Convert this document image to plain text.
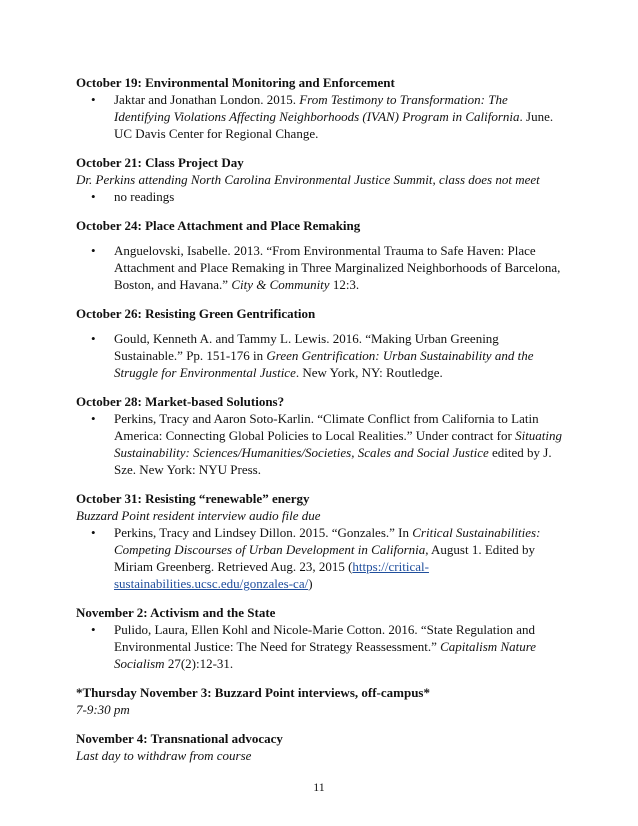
October 19: Environmental Monitoring and Enforcement
• Jaktar and Jonathan London. 2015. From Testimony to Transformation: The Identifying Violations Affecting Neighborhoods (IVAN) Program in California. June. UC Davis Center for Regional Change.
October 21: Class Project Day
Dr. Perkins attending North Carolina Environmental Justice Summit, class does not meet
• no readings
October 24: Place Attachment and Place Remaking
• Anguelovski, Isabelle. 2013. “From Environmental Trauma to Safe Haven: Place Attachment and Place Remaking in Three Marginalized Neighborhoods of Barcelona, Boston, and Havana.” City & Community 12:3.
October 26: Resisting Green Gentrification
• Gould, Kenneth A. and Tammy L. Lewis. 2016. “Making Urban Greening Sustainable.” Pp. 151-176 in Green Gentrification: Urban Sustainability and the Struggle for Environmental Justice. New York, NY: Routledge.
October 28: Market-based Solutions?
• Perkins, Tracy and Aaron Soto-Karlin. “Climate Conflict from California to Latin America: Connecting Global Policies to Local Realities.” Under contract for Situating Sustainability: Sciences/Humanities/Societies, Scales and Social Justice edited by J. Sze. New York: NYU Press.
October 31: Resisting “renewable” energy
Buzzard Point resident interview audio file due
• Perkins, Tracy and Lindsey Dillon. 2015. “Gonzales.” In Critical Sustainabilities: Competing Discourses of Urban Development in California, August 1. Edited by Miriam Greenberg. Retrieved Aug. 23, 2015 (https://critical-sustainabilities.ucsc.edu/gonzales-ca/)
November 2: Activism and the State
• Pulido, Laura, Ellen Kohl and Nicole-Marie Cotton. 2016. “State Regulation and Environmental Justice: The Need for Strategy Reassessment.” Capitalism Nature Socialism 27(2):12-31.
*Thursday November 3: Buzzard Point interviews, off-campus*
7-9:30 pm
November 4: Transnational advocacy
Last day to withdraw from course
11
